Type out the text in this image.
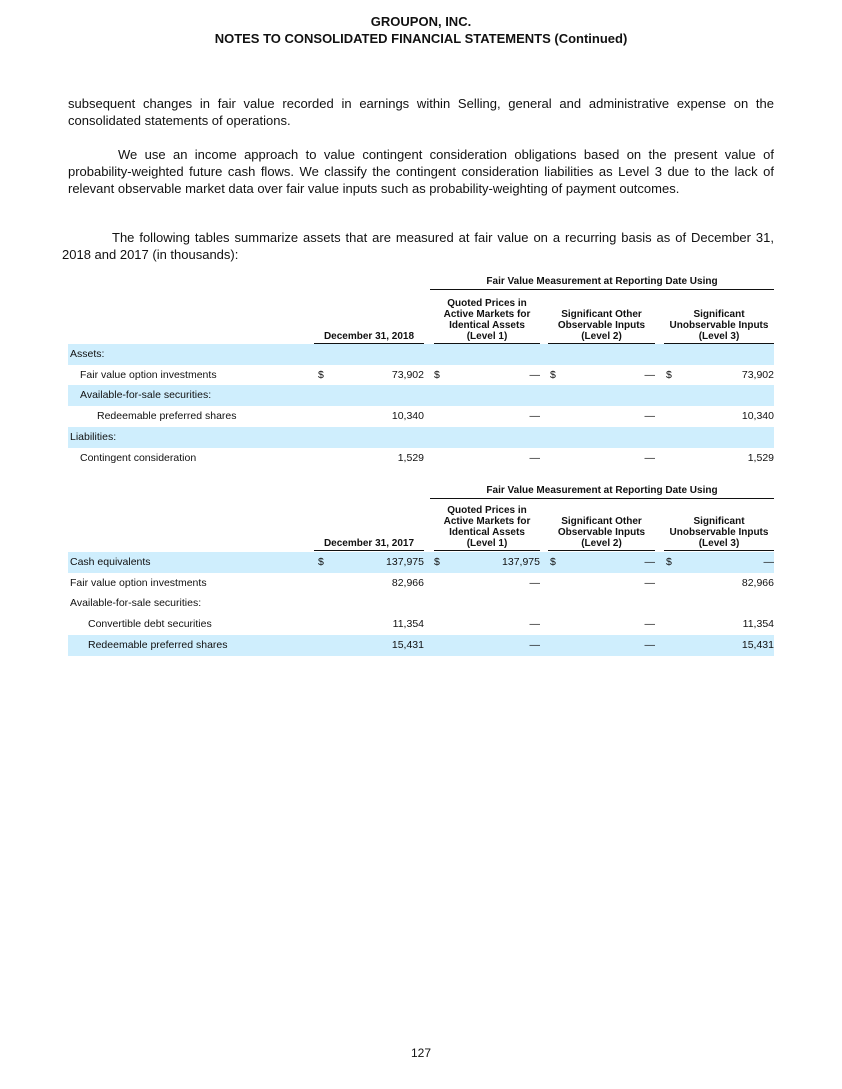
GROUPON, INC.
NOTES TO CONSOLIDATED FINANCIAL STATEMENTS (Continued)

subsequent changes in fair value recorded in earnings within Selling, general and administrative expense on the consolidated statements of operations.

We use an income approach to value contingent consideration obligations based on the present value of probability-weighted future cash flows. We classify the contingent consideration liabilities as Level 3 due to the lack of relevant observable market data over fair value inputs such as probability-weighting of payment outcomes.

The following tables summarize assets that are measured at fair value on a recurring basis as of December 31, 2018 and 2017 (in thousands):

Fair Value Measurement at Reporting Date Using
December 31, 2018
Quoted Prices in Active Markets for Identical Assets (Level 1)
Significant Other Observable Inputs (Level 2)
Significant Unobservable Inputs (Level 3)
Assets:
Fair value option investments	$	73,902 $	— $	— $	73,902
Available-for-sale securities:
Redeemable preferred shares	10,340	—	—	10,340
Liabilities:
Contingent consideration	1,529	—	—	1,529
Fair Value Measurement at Reporting Date Using
December 31, 2017
Quoted Prices in Active Markets for Identical Assets (Level 1)
Significant Other Observable Inputs (Level 2)
Significant Unobservable Inputs (Level 3)
Cash equivalents	$	137,975 $	137,975 $	— $	—
Fair value option investments	82,966	—	—	82,966
Available-for-sale securities:
Convertible debt securities	11,354	—	—	11,354
Redeemable preferred shares	15,431	—	—	15,431
127
